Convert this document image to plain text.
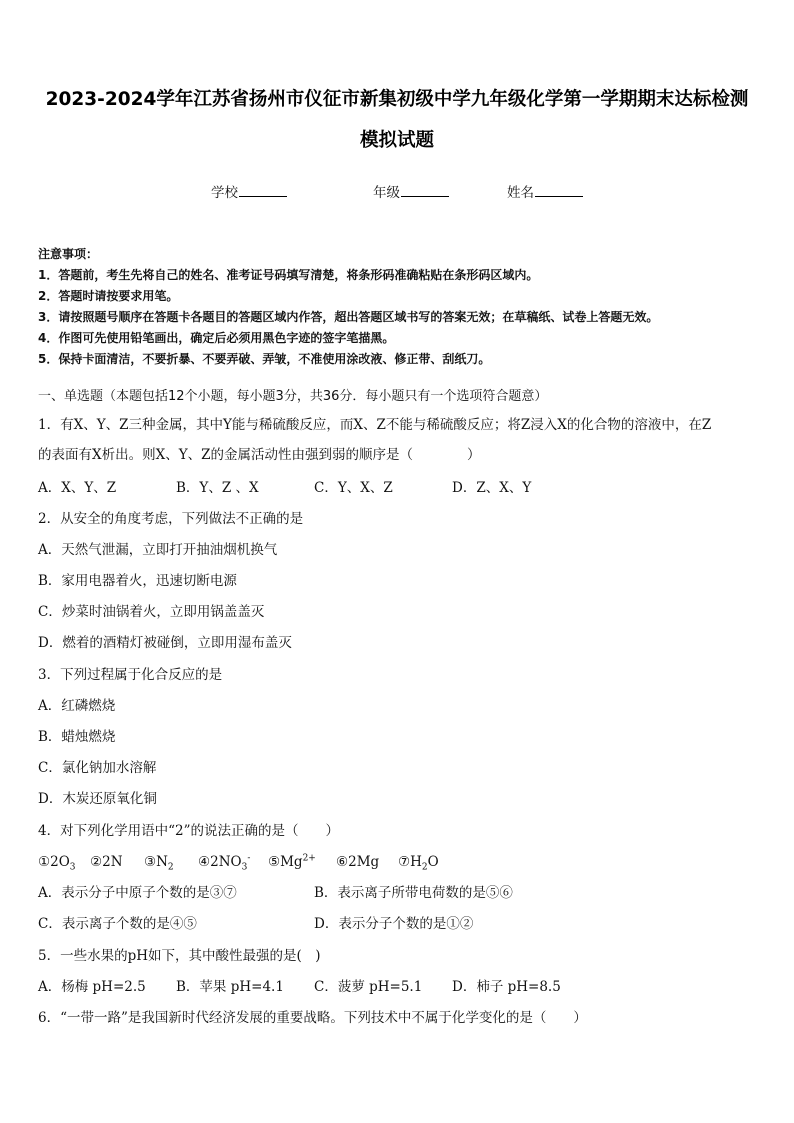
2023-2024学年江苏省扬州市仪征市新集初级中学九年级化学第一学期期末达标检测
模拟试题
学校	年级	姓名
注意事项：
1．答题前，考生先将自己的姓名、准考证号码填写清楚，将条形码准确粘贴在条形码区域内。
2．答题时请按要求用笔。
3．请按照题号顺序在答题卡各题目的答题区域内作答，超出答题区域书写的答案无效；在草稿纸、试卷上答题无效。
4．作图可先使用铅笔画出，确定后必须用黑色字迹的签字笔描黑。
5．保持卡面清洁，不要折暴、不要弄破、弄皱，不准使用涂改液、修正带、刮纸刀。
一、单选题（本题包括12个小题，每小题3分，共36分．每小题只有一个选项符合题意）
1．有X、Y、Z三种金属，其中Y能与稀硫酸反应，而X、Z不能与稀硫酸反应；将Z浸入X的化合物的溶液中，在Z
的表面有X析出。则X、Y、Z的金属活动性由强到弱的顺序是（　　　　）
A．X、Y、Z	B．Y、Z 、X	C．Y、X、Z	D．Z、X、Y
2．从安全的角度考虑，下列做法不正确的是
A．天然气泄漏，立即打开抽油烟机换气
B．家用电器着火，迅速切断电源
C．炒菜时油锅着火，立即用锅盖盖灭
D．燃着的酒精灯被碰倒，立即用湿布盖灭
3．下列过程属于化合反应的是
A．红磷燃烧
B．蜡烛燃烧
C．氯化钠加水溶解
D．木炭还原氧化铜
4．对下列化学用语中“2”的说法正确的是（　　）
$①2O_3$ ②2N $③N_2$ $④2NO_3^-$ $⑤Mg^{2+}$ ⑥2Mg $⑦H_2O$
A．表示分子中原子个数的是③⑦	B．表示离子所带电荷数的是⑤⑥
C．表示离子个数的是④⑤	D．表示分子个数的是①②
5．一些水果的pH如下，其中酸性最强的是(　)
A．杨梅 pH=2.5 B．苹果 pH=4.1 C．菠萝 pH=5.1 D．柿子 pH=8.5
6．“一带一路”是我国新时代经济发展的重要战略。下列技术中不属于化学变化的是（　　）
